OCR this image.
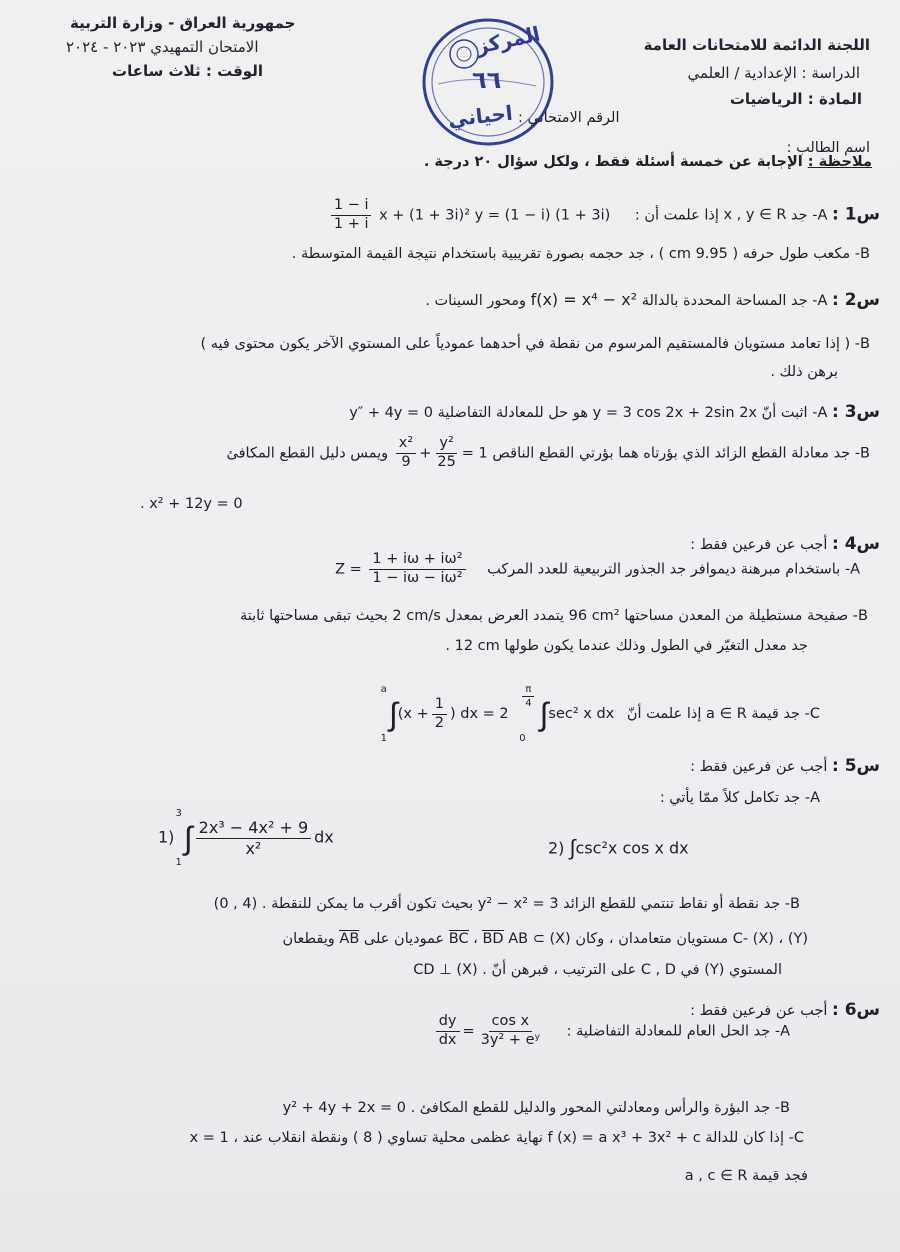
اللجنة الدائمة للامتحانات العامة
الدراسة : الإعدادية / العلمي
المادة : الرياضيات
جمهورية العراق - وزارة التربية
الامتحان التمهيدي ٢٠٢٣ - ٢٠٢٤
الوقت : ثلاث ساعات
المركز
٦٦
احياني الرقم الامتحاني :
اسم الطالب :
ملاحظة : الإجابة عن خمسة أسئلة فقط ، ولكل سؤال ٢٠ درجة .
س1 : A- جد x , y ∈ R إذا علمت أن :
$\frac{1 - i}{1 + i}$ x + (1 + 3i)² y = (1 − i) (1 + 3i)
B- مكعب طول حرفه ( 9.95 cm ) ، جد حجمه بصورة تقريبية باستخدام نتيجة القيمة المتوسطة .
س2 : A- جد المساحة المحددة بالدالة f(x) = x⁴ − x² ومحور السينات .
B- ( إذا تعامد مستويان فالمستقيم المرسوم من نقطة في أحدهما عمودياً على المستوي الآخر يكون محتوى فيه )
برهن ذلك .
س3 : A- اثبت أنّ y = 3 cos 2x + 2sin 2x هو حل للمعادلة التفاضلية y″ + 4y = 0
B- جد معادلة القطع الزائد الذي بؤرتاه هما بؤرتي القطع الناقص
$\frac{\text{x²}}{9} + \frac{\text{y²}}{25} = 1$ ويمس دليل القطع المكافئ
x² + 12y = 0 .
س4 : أجب عن فرعين فقط :
A- باستخدام مبرهنة ديموافر جد الجذور التربيعية للعدد المركب $Z = \frac{\text{1 + iω + iω²}}{\text{1 − iω − iω²}}$
B- صفيحة مستطيلة من المعدن مساحتها 96 cm² يتمدد العرض بمعدل 2 cm/s بحيث تبقى مساحتها ثابتة
جد معدل التغيّر في الطول وذلك عندما يكون طولها 12 cm .
C- جد قيمة a ∈ R إذا علمت أنّ
a
1
$\int(x + \frac{1}{2}$ ) dx = 2
$\frac{\pi}{4}$
0
∫sec² x dx
س5 : أجب عن فرعين فقط :
A- جد تكامل كلاً ممّا يأتي :
1)
3
1
∫ $\frac{\text{2x³ − 4x² + 9}}{\text{x²}}$ dx
2) ∫csc²x cos x dx
B- جد نقطة أو نقاط تنتمي للقطع الزائد y² − x² = 3 بحيث تكون أقرب ما يمكن للنقطة (0 , 4) .
C- (X) ، (Y) مستويان متعامدان ، وكان AB ⊂ (X) BD ، BC عموديان على AB ويقطعان
المستوي (Y) في C , D على الترتيب ، فبرهن أنّ CD ⊥ (X) .
س6 : أجب عن فرعين فقط :
A- جد الحل العام للمعادلة التفاضلية :
$\frac{dy}{dx} = \frac{\text{cos x}}{\text{3y² + eʸ}}$
B- جد البؤرة والرأس ومعادلتي المحور والدليل للقطع المكافئ y² + 4y + 2x = 0 .
C- إذا كان للدالة f (x) = a x³ + 3x² + c نهاية عظمى محلية تساوي ( 8 ) ونقطة انقلاب عند x = 1 ،
فجد قيمة a , c ∈ R
